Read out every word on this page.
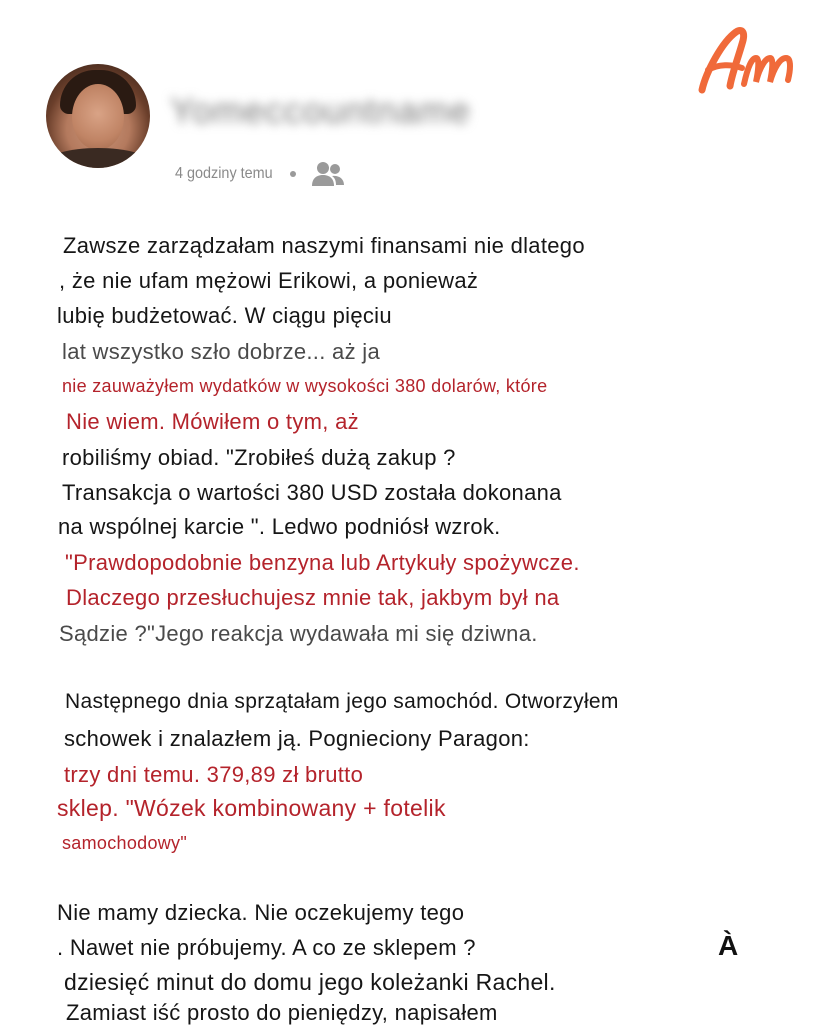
Yomeccountname
4 godziny temu
Zawsze zarządzałam naszymi finansami nie dlatego
, że nie ufam mężowi Erikowi, a ponieważ
lubię budżetować. W ciągu pięciu
lat wszystko szło dobrze... aż ja
nie zauważyłem wydatków w wysokości 380 dolarów, które
Nie wiem. Mówiłem o tym, aż
robiliśmy obiad. "Zrobiłeś dużą zakup ?
Transakcja o wartości 380 USD została dokonana
na wspólnej karcie ". Ledwo podniósł wzrok.
"Prawdopodobnie benzyna lub Artykuły spożywcze.
Dlaczego przesłuchujesz mnie tak, jakbym był na
Sądzie ?"Jego reakcja wydawała mi się dziwna.
Następnego dnia sprzątałam jego samochód. Otworzyłem
schowek i znalazłem ją. Pognieciony Paragon:
trzy dni temu. 379,89 zł brutto
sklep. "Wózek kombinowany + fotelik
samochodowy"
Nie mamy dziecka. Nie oczekujemy tego
. Nawet nie próbujemy. A co ze sklepem ?
dziesięć minut do domu jego koleżanki Rachel.
Zamiast iść prosto do pieniędzy, napisałem
À
